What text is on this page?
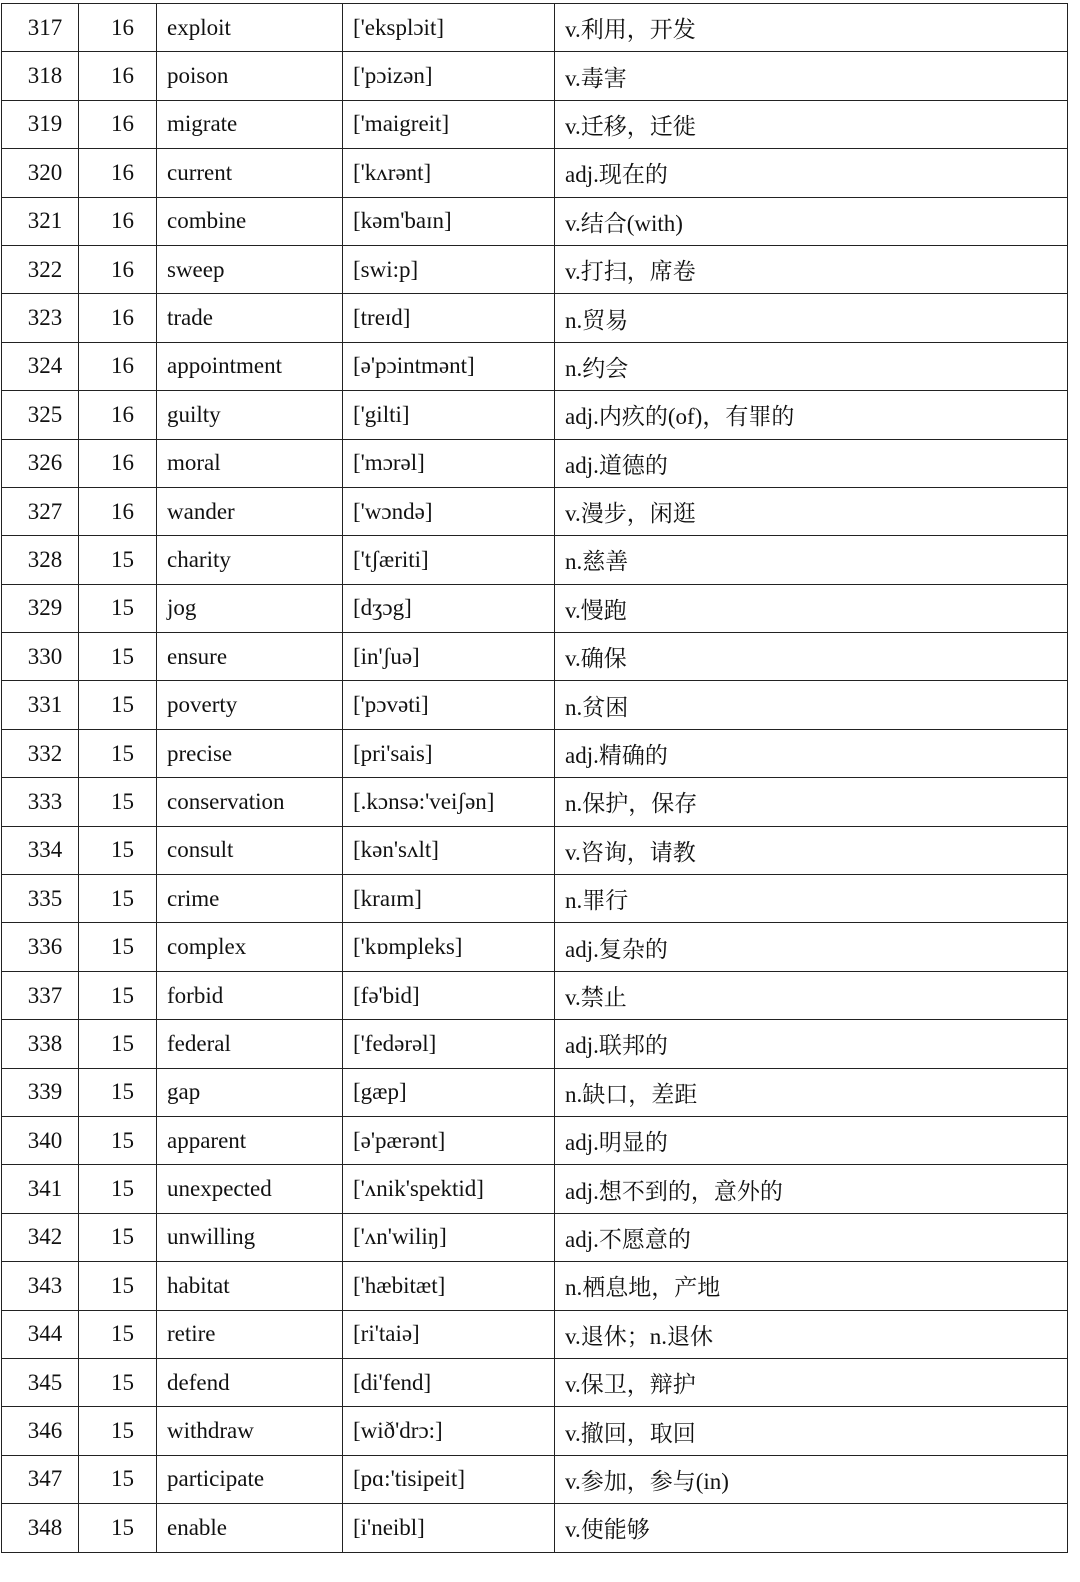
317	16	exploit	['eksplɔit]	v.利用，开发
318	16	poison	['pɔizən]	v.毒害
319	16	migrate	['maigreit]	v.迁移，迁徙
320	16	current	['kʌrənt]	adj.现在的
321	16	combine	[kəm'baɪn]	v.结合(with)
322	16	sweep	[swi:p]	v.打扫，席卷
323	16	trade	[treɪd]	n.贸易
324	16	appointment	[ə'pɔintmənt]	n.约会
325	16	guilty	['gilti]	adj.内疚的(of)，有罪的
326	16	moral	['mɔrəl]	adj.道德的
327	16	wander	['wɔndə]	v.漫步，闲逛
328	15	charity	['tʃæriti]	n.慈善
329	15	jog	[dʒɔg]	v.慢跑
330	15	ensure	[in'ʃuə]	v.确保
331	15	poverty	['pɔvəti]	n.贫困
332	15	precise	[pri'sais]	adj.精确的
333	15	conservation	[.kɔnsə:'veiʃən]	n.保护，保存
334	15	consult	[kən'sʌlt]	v.咨询，请教
335	15	crime	[kraɪm]	n.罪行
336	15	complex	['kɒmpleks]	adj.复杂的
337	15	forbid	[fə'bid]	v.禁止
338	15	federal	['fedərəl]	adj.联邦的
339	15	gap	[gæp]	n.缺口，差距
340	15	apparent	[ə'pærənt]	adj.明显的
341	15	unexpected	['ʌnik'spektid]	adj.想不到的，意外的
342	15	unwilling	['ʌn'wiliŋ]	adj.不愿意的
343	15	habitat	['hæbitæt]	n.栖息地，产地
344	15	retire	[ri'taiə]	v.退休；n.退休
345	15	defend	[di'fend]	v.保卫，辩护
346	15	withdraw	[wið'drɔ:]	v.撤回，取回
347	15	participate	[pɑ:'tisipeit]	v.参加，参与(in)
348	15	enable	[i'neibl]	v.使能够
